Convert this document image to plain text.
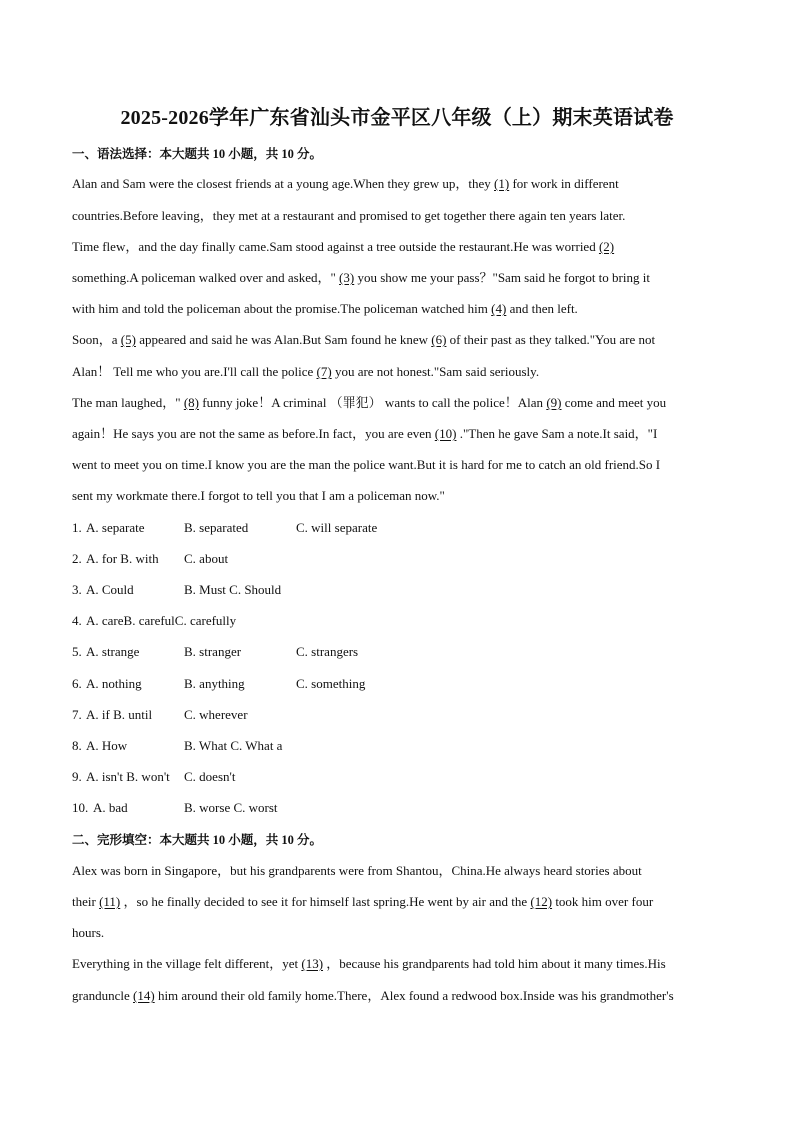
2025-2026学年广东省汕头市金平区八年级（上）期末英语试卷
一、语法选择：本大题共 10 小题，共 10 分。
Alan and Sam were the closest friends at a young age.When they grew up，they (1) for work in different
countries.Before leaving，they met at a restaurant and promised to get together there again ten years later.
Time flew，and the day finally came.Sam stood against a tree outside the restaurant.He was worried (2)
something.A policeman walked over and asked，" (3) you show me your pass？"Sam said he forgot to bring it
with him and told the policeman about the promise.The policeman watched him (4) and then left.
Soon，a (5) appeared and said he was Alan.But Sam found he knew (6) of their past as they talked."You are not
Alan！ Tell me who you are.I'll call the police (7) you are not honest."Sam said seriously.
The man laughed，" (8) funny joke！A criminal （罪犯） wants to call the police！Alan (9) come and meet you
again！He says you are not the same as before.In fact，you are even (10) ."Then he gave Sam a note.It said，"I
went to meet you on time.I know you are the man the police want.But it is hard for me to catch an old friend.So I
sent my workmate there.I forgot to tell you that I am a policeman now."
1. A. separate	B. separated	C. will separate
2. A. for B. with C. about
3. A. Could	B. Must C. Should
4. A. careB. carefulC. carefully
5. A. strange	B. stranger	C. strangers
6. A. nothing	B. anything	C. something
7. A. if B. until C. wherever
8. A. How	B. What C. What a
9. A. isn't B. won't C. doesn't
10. A. bad	B. worse C. worst
二、完形填空：本大题共 10 小题，共 10 分。
Alex was born in Singapore，but his grandparents were from Shantou，China.He always heard stories about
their (11) ，so he finally decided to see it for himself last spring.He went by air and the (12) took him over four
hours.
Everything in the village felt different，yet (13) ，because his grandparents had told him about it many times.His
granduncle (14) him around their old family home.There，Alex found a redwood box.Inside was his grandmother's
